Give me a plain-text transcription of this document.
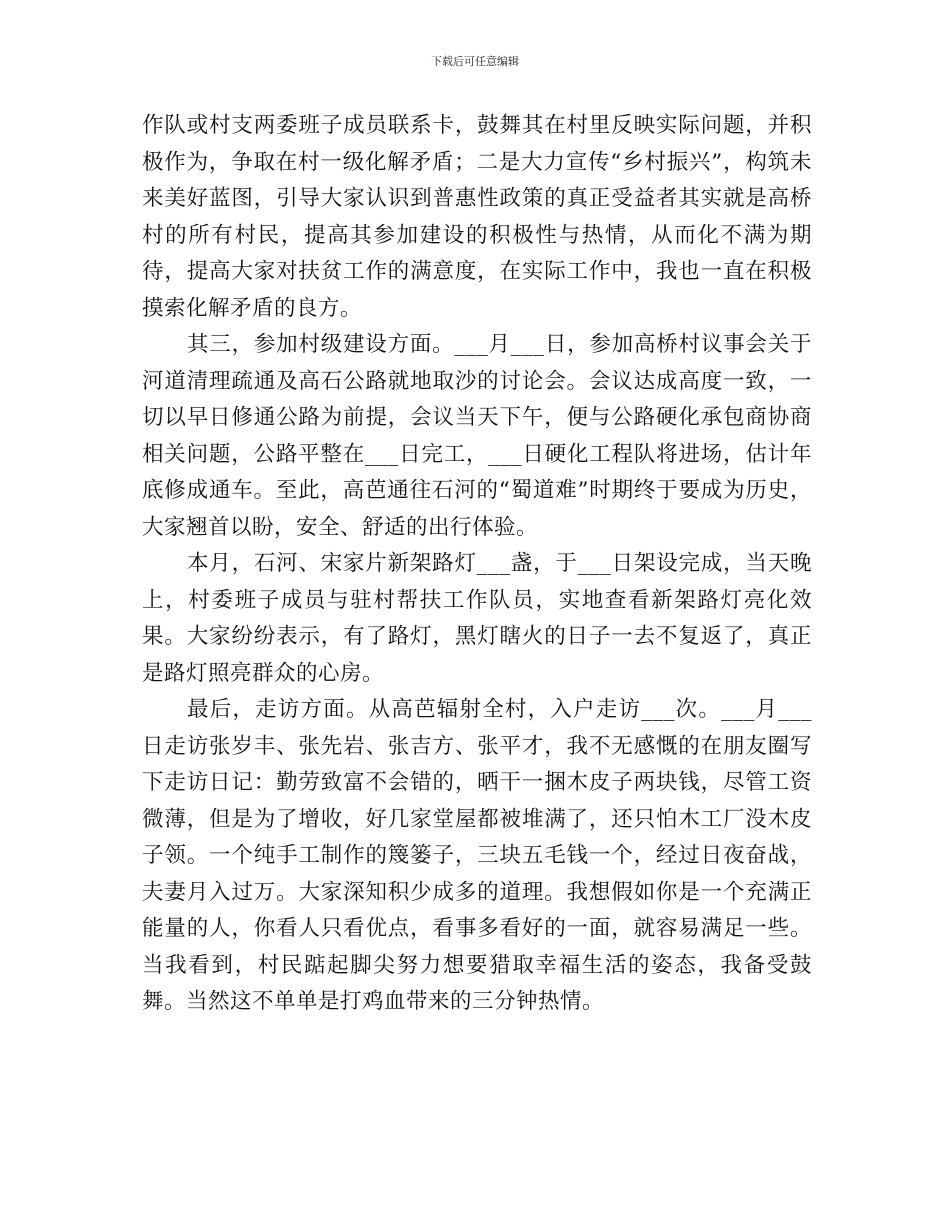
下载后可任意编辑

作队或村支两委班子成员联系卡，鼓舞其在村里反映实际问题，并积极作为，争取在村一级化解矛盾；二是大力宣传“乡村振兴”，构筑未来美好蓝图，引导大家认识到普惠性政策的真正受益者其实就是高桥村的所有村民，提高其参加建设的积极性与热情，从而化不满为期待，提高大家对扶贫工作的满意度，在实际工作中，我也一直在积极摸索化解矛盾的良方。

其三，参加村级建设方面。___月___日，参加高桥村议事会关于河道清理疏通及高石公路就地取沙的讨论会。会议达成高度一致，一切以早日修通公路为前提，会议当天下午，便与公路硬化承包商协商相关问题，公路平整在___日完工，___日硬化工程队将进场，估计年底修成通车。至此，高芭通往石河的“蜀道难”时期终于要成为历史，大家翘首以盼，安全、舒适的出行体验。

本月，石河、宋家片新架路灯___盏，于___日架设完成，当天晚上，村委班子成员与驻村帮扶工作队员，实地查看新架路灯亮化效果。大家纷纷表示，有了路灯，黑灯瞎火的日子一去不复返了，真正是路灯照亮群众的心房。

最后，走访方面。从高芭辐射全村，入户走访___次。___月___日走访张岁丰、张先岩、张吉方、张平才，我不无感慨的在朋友圈写下走访日记：勤劳致富不会错的，晒干一捆木皮子两块钱，尽管工资微薄，但是为了增收，好几家堂屋都被堆满了，还只怕木工厂没木皮子领。一个纯手工制作的篾篓子，三块五毛钱一个，经过日夜奋战，夫妻月入过万。大家深知积少成多的道理。我想假如你是一个充满正能量的人，你看人只看优点，看事多看好的一面，就容易满足一些。当我看到，村民踮起脚尖努力想要猎取幸福生活的姿态，我备受鼓舞。当然这不单单是打鸡血带来的三分钟热情。
